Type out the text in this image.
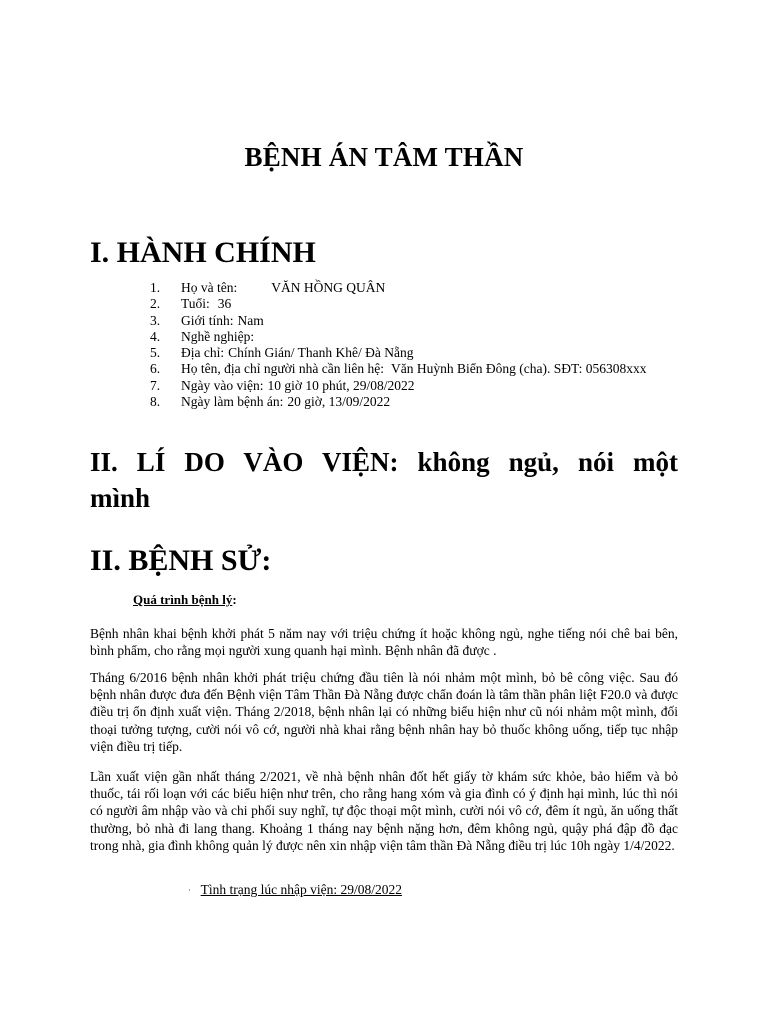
BỆNH ÁN TÂM THẦN
I. HÀNH CHÍNH
1.	Họ và tên:	VĂN HỒNG QUÂN
2.	Tuổi: 36
3.	Giới tính: Nam
4.	Nghề nghiệp:
5.	Địa chỉ: Chính Gián/ Thanh Khê/ Đà Nẵng
6.	Họ tên, địa chỉ người nhà cần liên hệ: Văn Huỳnh Biển Đông (cha). SĐT: 056308xxx
7.	Ngày vào viện: 10 giờ 10 phút, 29/08/2022
8.	Ngày làm bệnh án: 20 giờ, 13/09/2022
II. LÍ DO VÀO VIỆN: không ngủ, nói một
mình
II. BỆNH SỬ:
Quá trình bệnh lý:
Bệnh nhân khai bệnh khởi phát 5 năm nay với triệu chứng ít hoặc không ngủ, nghe tiếng nói chê bai bên, bình phẩm, cho rằng mọi người xung quanh hại mình. Bệnh nhân đã được .
Tháng 6/2016 bệnh nhân khởi phát triệu chứng đầu tiên là nói nhảm một mình, bỏ bê công việc. Sau đó bệnh nhân được đưa đến Bệnh viện Tâm Thần Đà Nẵng được chẩn đoán là tâm thần phân liệt F20.0 và được điều trị ổn định xuất viện. Tháng 2/2018, bệnh nhân lại có những biểu hiện như cũ nói nhảm một mình, đối thoại tưởng tượng, cười nói vô cớ, người nhà khai rằng bệnh nhân hay bỏ thuốc không uống, tiếp tục nhập viện điều trị tiếp.
Lần xuất viện gần nhất tháng 2/2021, về nhà bệnh nhân đốt hết giấy tờ khám sức khỏe, bảo hiểm và bỏ thuốc, tái rối loạn với các biểu hiện như trên, cho rằng hang xóm và gia đình có ý định hại mình, lúc thì nói có người âm nhập vào và chi phối suy nghĩ, tự độc thoại một mình, cười nói vô cớ, đêm ít ngủ, ăn uống thất thường, bỏ nhà đi lang thang. Khoảng 1 tháng nay bệnh nặng hơn, đêm không ngủ, quậy phá đập đồ đạc trong nhà, gia đình không quản lý được nên xin nhập viện tâm thần Đà Nẵng điều trị lúc 10h ngày 1/4/2022.
· Tình trạng lúc nhập viện: 29/08/2022
